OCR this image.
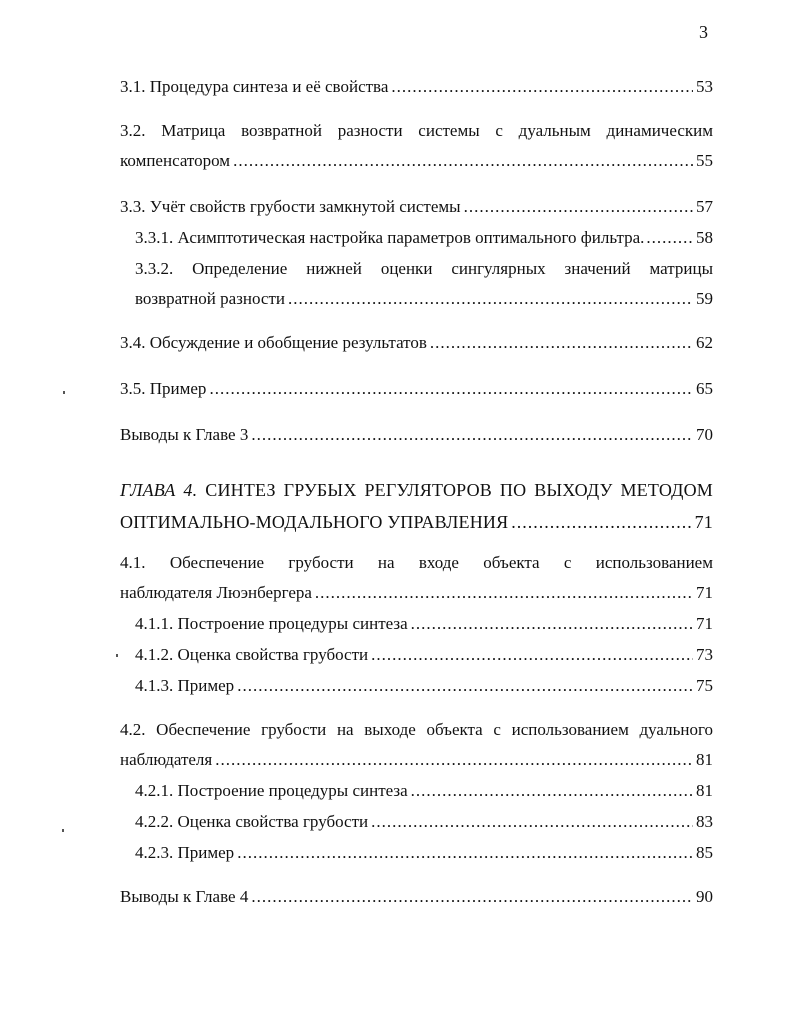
3
3.1. Процедура синтеза и её свойства .....	53
3.2. Матрица возвратной разности системы с дуальным динамическим
компенсатором .....	55
3.3. Учёт свойств грубости замкнутой системы .....	57
3.3.1. Асимптотическая настройка параметров оптимального фильтра. .....	58
3.3.2. Определение нижней оценки сингулярных значений матрицы
возвратной разности .....	59
3.4. Обсуждение и обобщение результатов .....	62
3.5. Пример .....	65
Выводы к Главе 3 .....	70
ГЛАВА 4. СИНТЕЗ ГРУБЫХ РЕГУЛЯТОРОВ ПО ВЫХОДУ МЕТОДОМ
ОПТИМАЛЬНО-МОДАЛЬНОГО УПРАВЛЕНИЯ .....	71
4.1. Обеспечение грубости на входе объекта с использованием
наблюдателя Люэнбергера .....	71
4.1.1. Построение процедуры синтеза .....	71
4.1.2. Оценка свойства грубости .....	73
4.1.3. Пример .....	75
4.2. Обеспечение грубости на выходе объекта с использованием дуального
наблюдателя .....	81
4.2.1. Построение процедуры синтеза .....	81
4.2.2. Оценка свойства грубости .....	83
4.2.3. Пример .....	85
Выводы к Главе 4 .....	90
